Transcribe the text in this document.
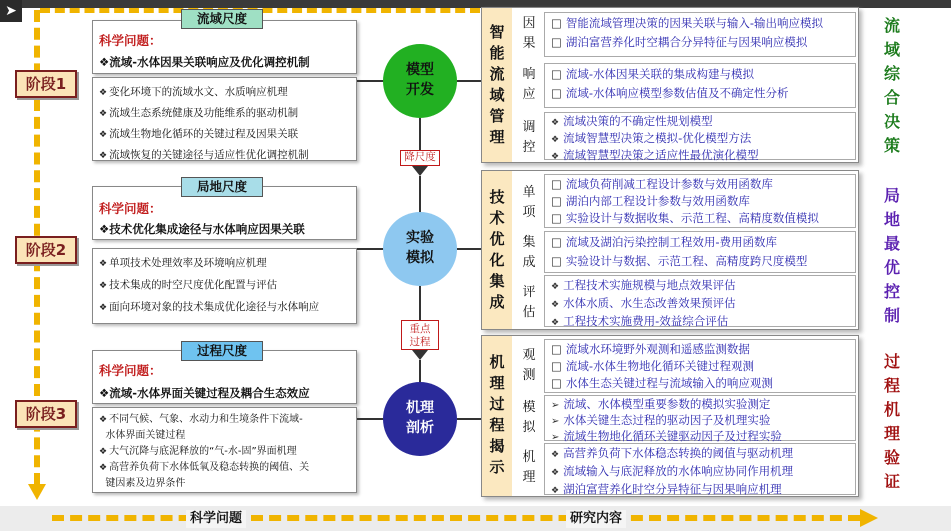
➤
科学问题	研究内容
阶段1
科学问题：
❖流域-水体因果关联响应及优化调控机制
流域尺度
❖ 变化环境下的流域水文、水质响应机理
❖ 流域生态系统健康及功能维系的驱动机制
❖ 流域生物地化循环的关键过程及因果关联
❖ 流域恢复的关键途径与适应性优化调控机制
模型
开发
降尺度
智
能
流
域
管
理
因
果
□ 智能流域管理决策的因果关联与输入-输出响应模拟
□ 湖泊富营养化时空耦合分异特征与因果响应模拟
响
应
□ 流域-水体因果关联的集成构建与模拟
□ 流域-水体响应模型参数估值及不确定性分析
调
控
❖ 流域决策的不确定性规划模型
❖ 流域智慧型决策之模拟-优化模型方法
❖ 流域智慧型决策之适应性最优演化模型
流
域
综
合
决
策
阶段2
科学问题：
❖技术优化集成途径与水体响应因果关联
局地尺度
❖ 单项技术处理效率及环境响应机理
❖ 技术集成的时空尺度优化配置与评估
❖ 面向环境对象的技术集成优化途径与水体响应
实验
模拟
重点
过程
技
术
优
化
集
成
单
项
□ 流域负荷削减工程设计参数与效用函数库
□ 湖泊内部工程设计参数与效用函数库
□ 实验设计与数据收集、示范工程、高精度数值模拟
集
成
□ 流域及湖泊污染控制工程效用-费用函数库
□ 实验设计与数据、示范工程、高精度跨尺度模型
评
估
❖ 工程技术实施规模与地点效果评估
❖ 水体水质、水生态改善效果预评估
❖ 工程技术实施费用-效益综合评估
局
地
最
优
控
制
阶段3
科学问题：
❖流域-水体界面关键过程及耦合生态效应
过程尺度
❖ 不同气候、气象、水动力和生境条件下流域-
水体界面关键过程
❖ 大气沉降与底泥释放的“气-水-固”界面机理
❖ 高营养负荷下水体低氧及稳态转换的阈值、关
键因素及边界条件
机理
剖析
机
理
过
程
揭
示
观
测
□ 流域水环境野外观测和遥感监测数据
□ 流域-水体生物地化循环关键过程观测
□ 水体生态关键过程与流域输入的响应观测
模
拟
➢ 流域、水体模型重要参数的模拟实验测定
➢ 水体关键生态过程的驱动因子及机理实验
➢ 流域生物地化循环关键驱动因子及过程实验
机
理
❖ 高营养负荷下水体稳态转换的阈值与驱动机理
❖ 流域输入与底泥释放的水体响应协同作用机理
❖ 湖泊富营养化时空分异特征与因果响应机理
过
程
机
理
验
证
